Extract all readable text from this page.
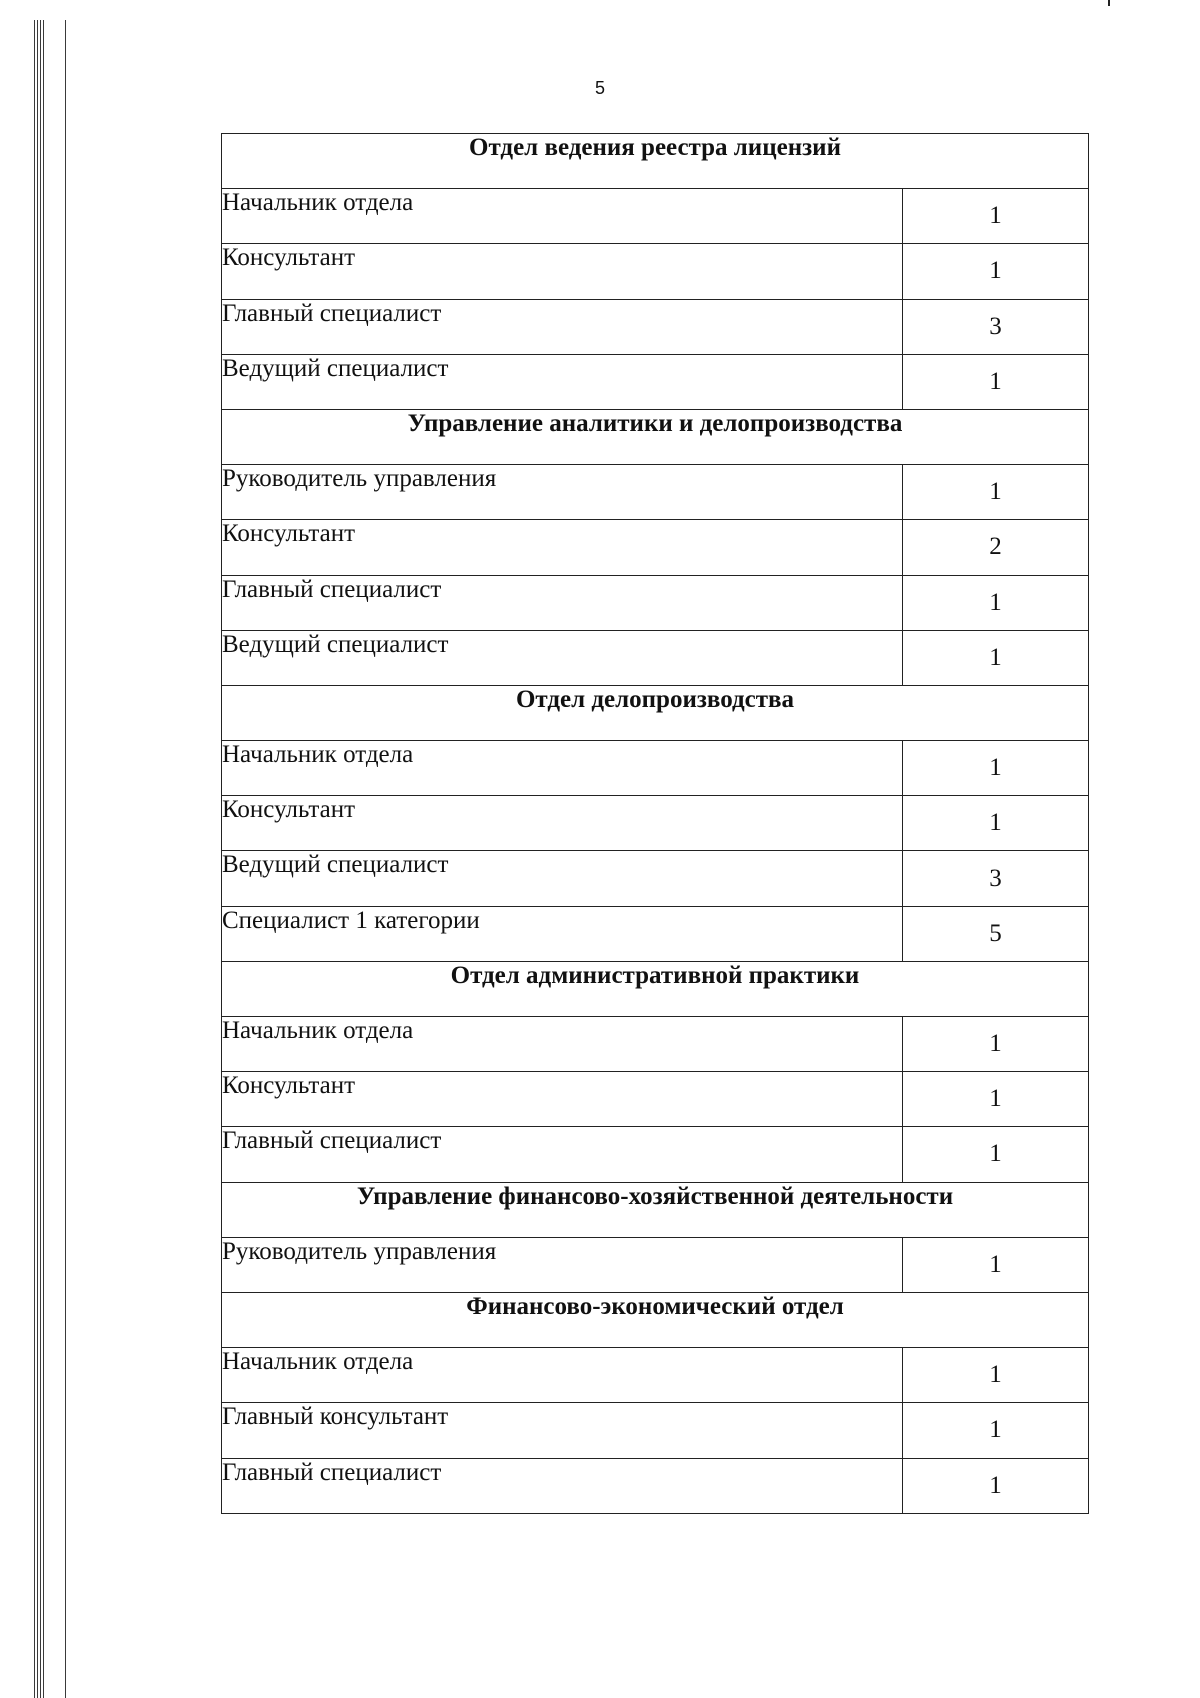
5
Отдел ведения реестра лицензий	
Начальник отдела	1
Консультант	1
Главный специалист	3
Ведущий специалист	1
Управление аналитики и делопроизводства	
Руководитель управления	1
Консультант	2
Главный специалист	1
Ведущий специалист	1
Отдел делопроизводства	
Начальник отдела	1
Консультант	1
Ведущий специалист	3
Специалист 1 категории	5
Отдел административной практики	
Начальник отдела	1
Консультант	1
Главный специалист	1
Управление финансово-хозяйственной деятельности	
Руководитель управления	1
Финансово-экономический отдел	
Начальник отдела	1
Главный консультант	1
Главный специалист	1
